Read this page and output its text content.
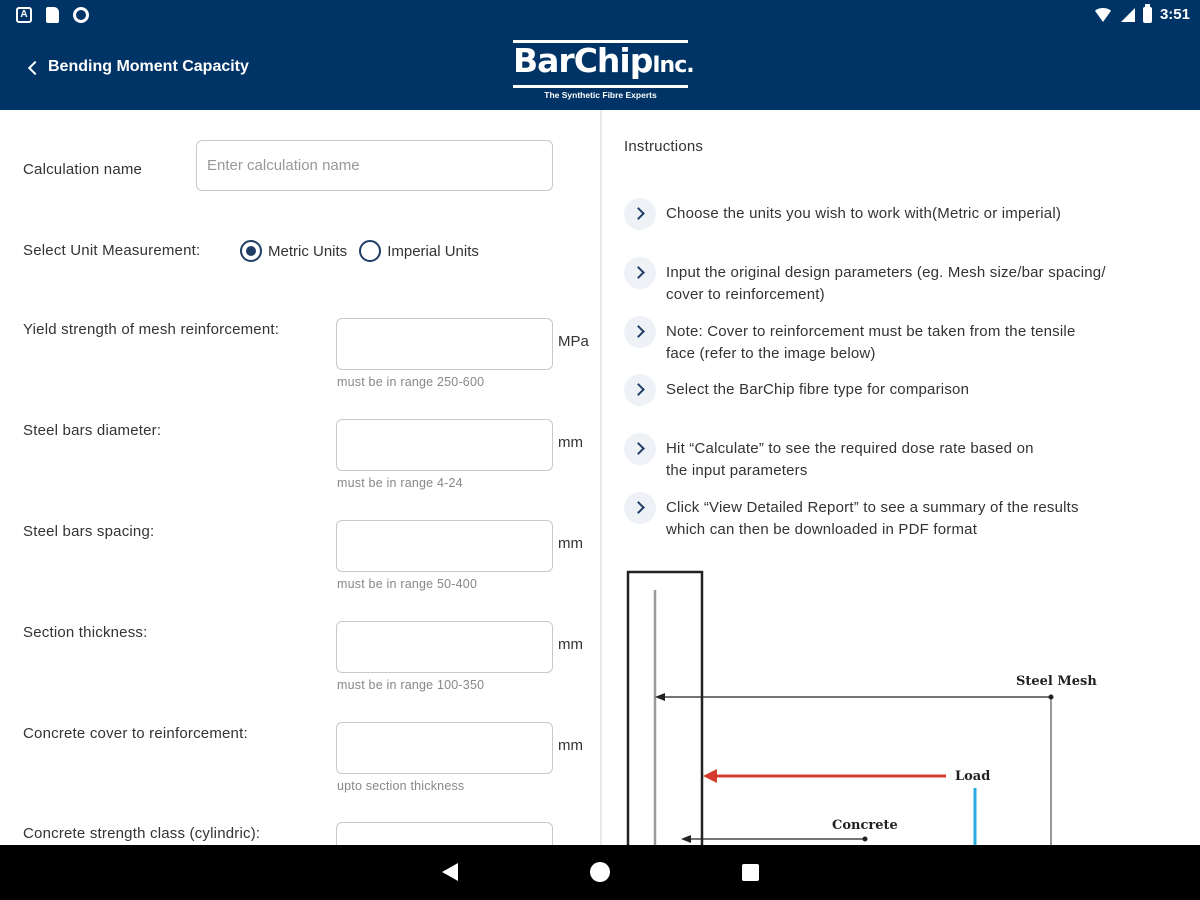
A	3:51
Bending Moment Capacity	BarChipInc.
The Synthetic Fibre Experts
Calculation name
Enter calculation name
Select Unit Measurement:	Metric Units	Imperial Units
Yield strength of mesh reinforcement:
MPa
must be in range 250-600
Steel bars diameter:
mm
must be in range 4-24
Steel bars spacing:
mm
must be in range 50-400
Section thickness:
mm
must be in range 100-350
Concrete cover to reinforcement:
mm
upto section thickness
Concrete strength class (cylindric):
Instructions
Choose the units you wish to work with(Metric or imperial)
Input the original design parameters (eg. Mesh size/bar spacing/
cover to reinforcement)
Note: Cover to reinforcement must be taken from the tensile
face (refer to the image below)
Select the BarChip fibre type for comparison
Hit “Calculate” to see the required dose rate based on
the input parameters
Click “View Detailed Report” to see a summary of the results
which can then be downloaded in PDF format
Steel Mesh
Load
Concrete
